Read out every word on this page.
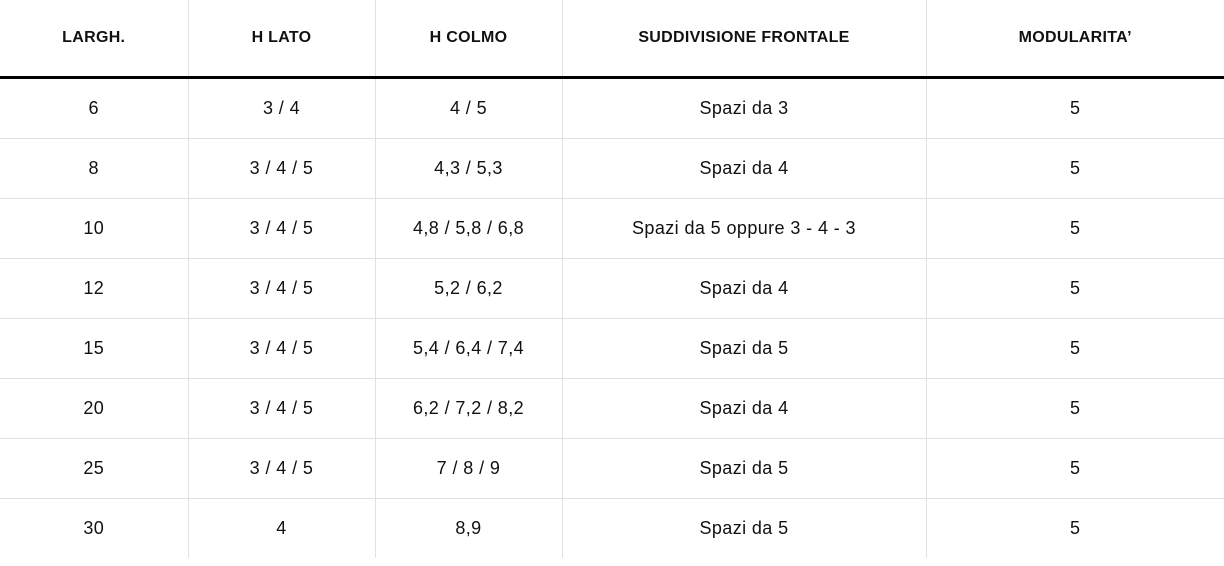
LARGH.	H LATO	H COLMO	SUDDIVISIONE FRONTALE	MODULARITA’
6	3 / 4	4 / 5	Spazi da 3	5
8	3 / 4 / 5	4,3 / 5,3	Spazi da 4	5
10	3 / 4 / 5	4,8 / 5,8 / 6,8	Spazi da 5 oppure 3 - 4 - 3	5
12	3 / 4 / 5	5,2 / 6,2	Spazi da 4	5
15	3 / 4 / 5	5,4 / 6,4 / 7,4	Spazi da 5	5
20	3 / 4 / 5	6,2 / 7,2 / 8,2	Spazi da 4	5
25	3 / 4 / 5	7 / 8 / 9	Spazi da 5	5
30	4	8,9	Spazi da 5	5
